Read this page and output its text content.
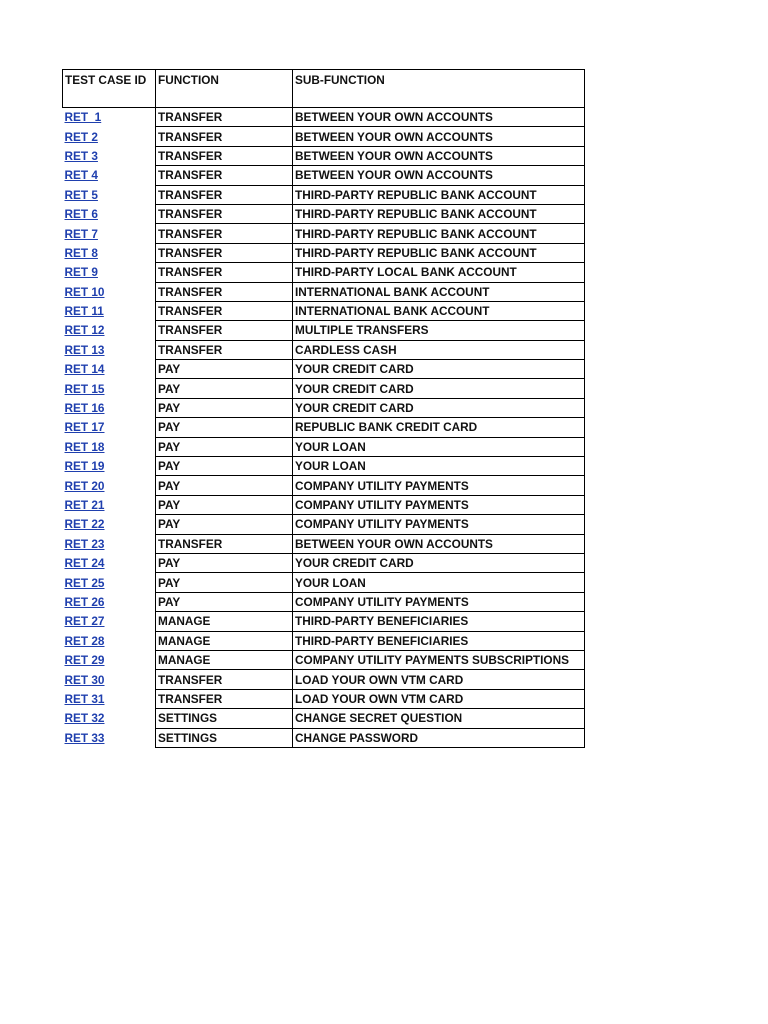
TEST CASE ID	FUNCTION	SUB-FUNCTION
RET_1	TRANSFER	BETWEEN YOUR OWN ACCOUNTS
RET 2	TRANSFER	BETWEEN YOUR OWN ACCOUNTS
RET 3	TRANSFER	BETWEEN YOUR OWN ACCOUNTS
RET 4	TRANSFER	BETWEEN YOUR OWN ACCOUNTS
RET 5	TRANSFER	THIRD-PARTY REPUBLIC BANK ACCOUNT
RET 6	TRANSFER	THIRD-PARTY REPUBLIC BANK ACCOUNT
RET 7	TRANSFER	THIRD-PARTY REPUBLIC BANK ACCOUNT
RET 8	TRANSFER	THIRD-PARTY REPUBLIC BANK ACCOUNT
RET 9	TRANSFER	THIRD-PARTY LOCAL BANK ACCOUNT
RET 10	TRANSFER	INTERNATIONAL BANK ACCOUNT
RET 11	TRANSFER	INTERNATIONAL BANK ACCOUNT
RET 12	TRANSFER	MULTIPLE TRANSFERS
RET 13	TRANSFER	CARDLESS CASH
RET 14	PAY	YOUR CREDIT CARD
RET 15	PAY	YOUR CREDIT CARD
RET 16	PAY	YOUR CREDIT CARD
RET 17	PAY	REPUBLIC BANK CREDIT CARD
RET 18	PAY	YOUR LOAN
RET 19	PAY	YOUR LOAN
RET 20	PAY	COMPANY UTILITY PAYMENTS
RET 21	PAY	COMPANY UTILITY PAYMENTS
RET 22	PAY	COMPANY UTILITY PAYMENTS
RET 23	TRANSFER	BETWEEN YOUR OWN ACCOUNTS
RET 24	PAY	YOUR CREDIT CARD
RET 25	PAY	YOUR LOAN
RET 26	PAY	COMPANY UTILITY PAYMENTS
RET 27	MANAGE	THIRD-PARTY BENEFICIARIES
RET 28	MANAGE	THIRD-PARTY BENEFICIARIES
RET 29	MANAGE	COMPANY UTILITY PAYMENTS SUBSCRIPTIONS
RET 30	TRANSFER	LOAD YOUR OWN VTM CARD
RET 31	TRANSFER	LOAD YOUR OWN VTM CARD
RET 32	SETTINGS	CHANGE SECRET QUESTION
RET 33	SETTINGS	CHANGE PASSWORD
